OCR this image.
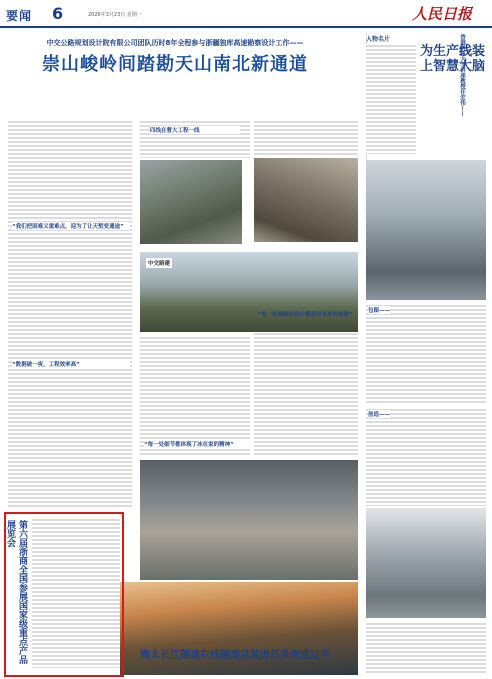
要闻 6	2026年3月23日 星期一	人民日报
中交公路规划设计院有限公司团队历时8年全程参与浙疆独库高速勘察设计工作——
崇山峻岭间踏勘天山南北新通道
“我们把困难又重难点，迎为了让天堑变通途”
“数据破一夜，工程效率高”
四线在曹大工程一线
中交路建
“每一处细致的设计都是对未来的承诺”
“每一处细节都体现了冰在家的精神”
人物名片
为生产线装上智慧大脑
香港科技大学讲座教授任宏伟——
包图——
创造——
第六届浙商全国参展国家级重点产品展览会
海太长江隧道右线隧道总装进任务完成过半
